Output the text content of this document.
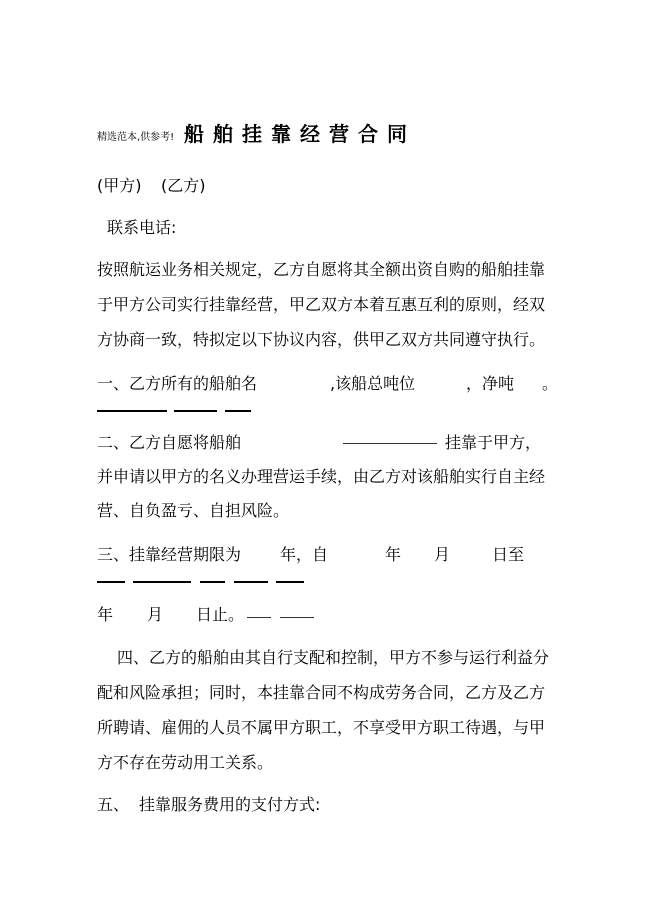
精选范本,供参考! 船舶挂靠经营合同
(甲方) (乙方)
联系电话:
按照航运业务相关规定，乙方自愿将其全额出资自购的船舶挂靠
于甲方公司实行挂靠经营，甲乙双方本着互惠互利的原则，经双
方协商一致，特拟定以下协议内容，供甲乙双方共同遵守执行。
一、乙方所有的船舶名	,该船总吨位	，净吨 。
二、乙方自愿将船舶	挂靠于甲方，
并申请以甲方的名义办理营运手续，由乙方对该船舶实行自主经
营、自负盈亏、自担风险。
三、挂靠经营期限为 年，自	年 月	日至
年 月 日止。
四、乙方的船舶由其自行支配和控制，甲方不参与运行利益分
配和风险承担；同时，本挂靠合同不构成劳务合同，乙方及乙方
所聘请、雇佣的人员不属甲方职工，不享受甲方职工待遇，与甲
方不存在劳动用工关系。
五、 挂靠服务费用的支付方式:
